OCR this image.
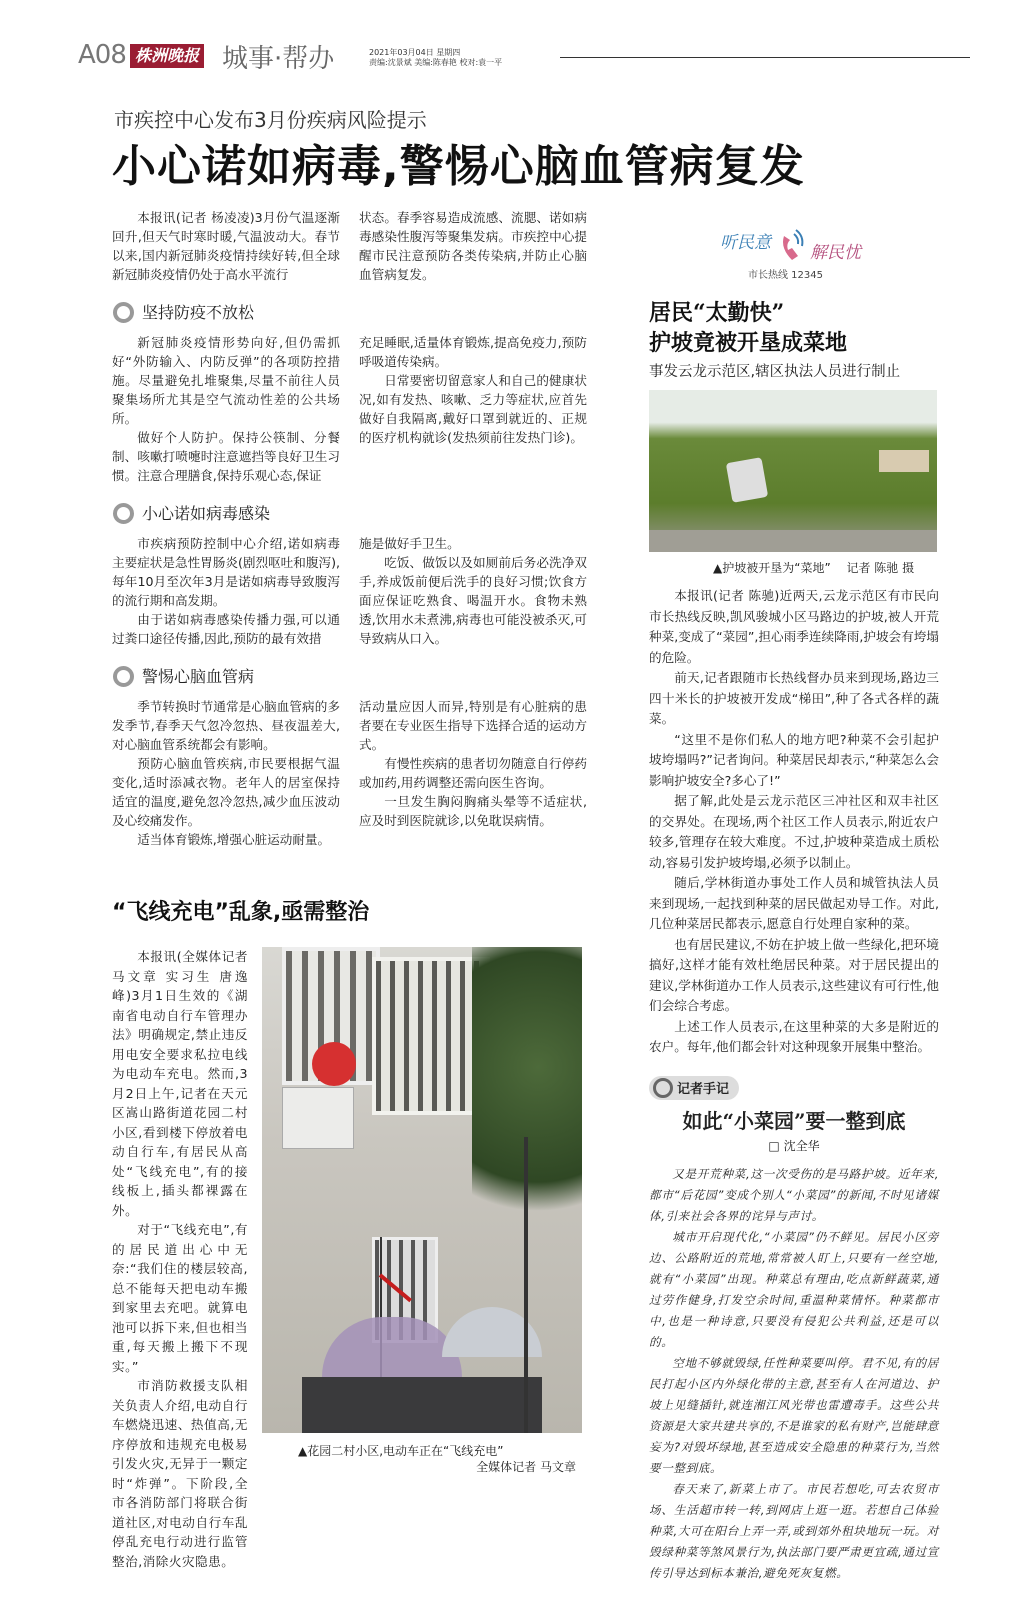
A08 株洲晚报 城事·帮办	2021年03月04日 星期四
责编:沈景斌 美编:陈春艳 校对:袁一平
市疾控中心发布3月份疾病风险提示
小心诺如病毒,警惕心脑血管病复发

本报讯(记者 杨凌凌)3月份气温逐渐回升,但天气时寒时暖,气温波动大。春节以来,国内新冠肺炎疫情持续好转,但全球新冠肺炎疫情仍处于高水平流行

状态。春季容易造成流感、流腮、诺如病毒感染性腹泻等聚集发病。市疾控中心提醒市民注意预防各类传染病,并防止心脑血管病复发。

坚持防疫不放松

新冠肺炎疫情形势向好,但仍需抓好“外防输入、内防反弹”的各项防控措施。尽量避免扎堆聚集,尽量不前往人员聚集场所尤其是空气流动性差的公共场所。

做好个人防护。保持公筷制、分餐制、咳嗽打喷嚏时注意遮挡等良好卫生习惯。注意合理膳食,保持乐观心态,保证

充足睡眠,适量体育锻炼,提高免疫力,预防呼吸道传染病。

日常要密切留意家人和自己的健康状况,如有发热、咳嗽、乏力等症状,应首先做好自我隔离,戴好口罩到就近的、正规的医疗机构就诊(发热须前往发热门诊)。

小心诺如病毒感染

市疾病预防控制中心介绍,诺如病毒主要症状是急性胃肠炎(剧烈呕吐和腹泻),每年10月至次年3月是诺如病毒导致腹泻的流行期和高发期。

由于诺如病毒感染传播力强,可以通过粪口途径传播,因此,预防的最有效措

施是做好手卫生。

吃饭、做饭以及如厕前后务必洗净双手,养成饭前便后洗手的良好习惯;饮食方面应保证吃熟食、喝温开水。食物未熟透,饮用水未煮沸,病毒也可能没被杀灭,可导致病从口入。

警惕心脑血管病

季节转换时节通常是心脑血管病的多发季节,春季天气忽冷忽热、昼夜温差大,对心脑血管系统都会有影响。

预防心脑血管疾病,市民要根据气温变化,适时添减衣物。老年人的居室保持适宜的温度,避免忽冷忽热,减少血压波动及心绞痛发作。

适当体育锻炼,增强心脏运动耐量。

活动量应因人而异,特别是有心脏病的患者要在专业医生指导下选择合适的运动方式。

有慢性疾病的患者切勿随意自行停药或加药,用药调整还需向医生咨询。

一旦发生胸闷胸痛头晕等不适症状,应及时到医院就诊,以免耽误病情。

“飞线充电”乱象,亟需整治

本报讯(全媒体记者 马文章 实习生 唐逸峰)3月1日生效的《湖南省电动自行车管理办法》明确规定,禁止违反用电安全要求私拉电线为电动车充电。然而,3月2日上午,记者在天元区嵩山路街道花园二村小区,看到楼下停放着电动自行车,有居民从高处“飞线充电”,有的接线板上,插头都裸露在外。

对于“飞线充电”,有的居民道出心中无奈:“我们住的楼层较高,总不能每天把电动车搬到家里去充吧。就算电池可以拆下来,但也相当重,每天搬上搬下不现实。”

市消防救援支队相关负责人介绍,电动自行车燃烧迅速、热值高,无序停放和违规充电极易引发火灾,无异于一颗定时“炸弹”。下阶段,全市各消防部门将联合街道社区,对电动自行车乱停乱充电行动进行监管整治,消除火灾隐患。

▲花园二村小区,电动车正在“飞线充电”
全媒体记者 马文章
听民意 解民忧
市长热线 12345
居民“太勤快”
护坡竟被开垦成菜地
事发云龙示范区,辖区执法人员进行制止
▲护坡被开垦为“菜地”　 记者 陈驰 摄

本报讯(记者 陈驰)近两天,云龙示范区有市民向市长热线反映,凯风骏城小区马路边的护坡,被人开荒种菜,变成了“菜园”,担心雨季连续降雨,护坡会有垮塌的危险。

前天,记者跟随市长热线督办员来到现场,路边三四十米长的护坡被开发成“梯田”,种了各式各样的蔬菜。

“这里不是你们私人的地方吧?种菜不会引起护坡垮塌吗?”记者询问。种菜居民却表示,“种菜怎么会影响护坡安全?多心了!”

据了解,此处是云龙示范区三冲社区和双丰社区的交界处。在现场,两个社区工作人员表示,附近农户较多,管理存在较大难度。不过,护坡种菜造成土质松动,容易引发护坡垮塌,必须予以制止。

随后,学林街道办事处工作人员和城管执法人员来到现场,一起找到种菜的居民做起劝导工作。对此,几位种菜居民都表示,愿意自行处理自家种的菜。

也有居民建议,不妨在护坡上做一些绿化,把环境搞好,这样才能有效杜绝居民种菜。对于居民提出的建议,学林街道办工作人员表示,这些建议有可行性,他们会综合考虑。

上述工作人员表示,在这里种菜的大多是附近的农户。每年,他们都会针对这种现象开展集中整治。

记者手记
如此“小菜园”要一整到底
□ 沈全华

又是开荒种菜,这一次受伤的是马路护坡。近年来,都市“后花园”变成个别人“小菜园”的新闻,不时见诸媒体,引来社会各界的诧异与声讨。

城市开启现代化,“小菜园”仍不鲜见。居民小区旁边、公路附近的荒地,常常被人盯上,只要有一丝空地,就有“小菜园”出现。种菜总有理由,吃点新鲜蔬菜,通过劳作健身,打发空余时间,重温种菜情怀。种菜都市中,也是一种诗意,只要没有侵犯公共利益,还是可以的。

空地不够就毁绿,任性种菜要叫停。君不见,有的居民打起小区内外绿化带的主意,甚至有人在河道边、护坡上见缝插针,就连湘江风光带也雷遭毒手。这些公共资源是大家共建共享的,不是谁家的私有财产,岂能肆意妄为?对毁坏绿地,甚至造成安全隐患的种菜行为,当然要一整到底。

春天来了,新菜上市了。市民若想吃,可去农贸市场、生活超市转一转,到网店上逛一逛。若想自己体验种菜,大可在阳台上弄一弄,或到郊外租块地玩一玩。对毁绿种菜等煞风景行为,执法部门要严肃更宜疏,通过宣传引导达到标本兼治,避免死灰复燃。
